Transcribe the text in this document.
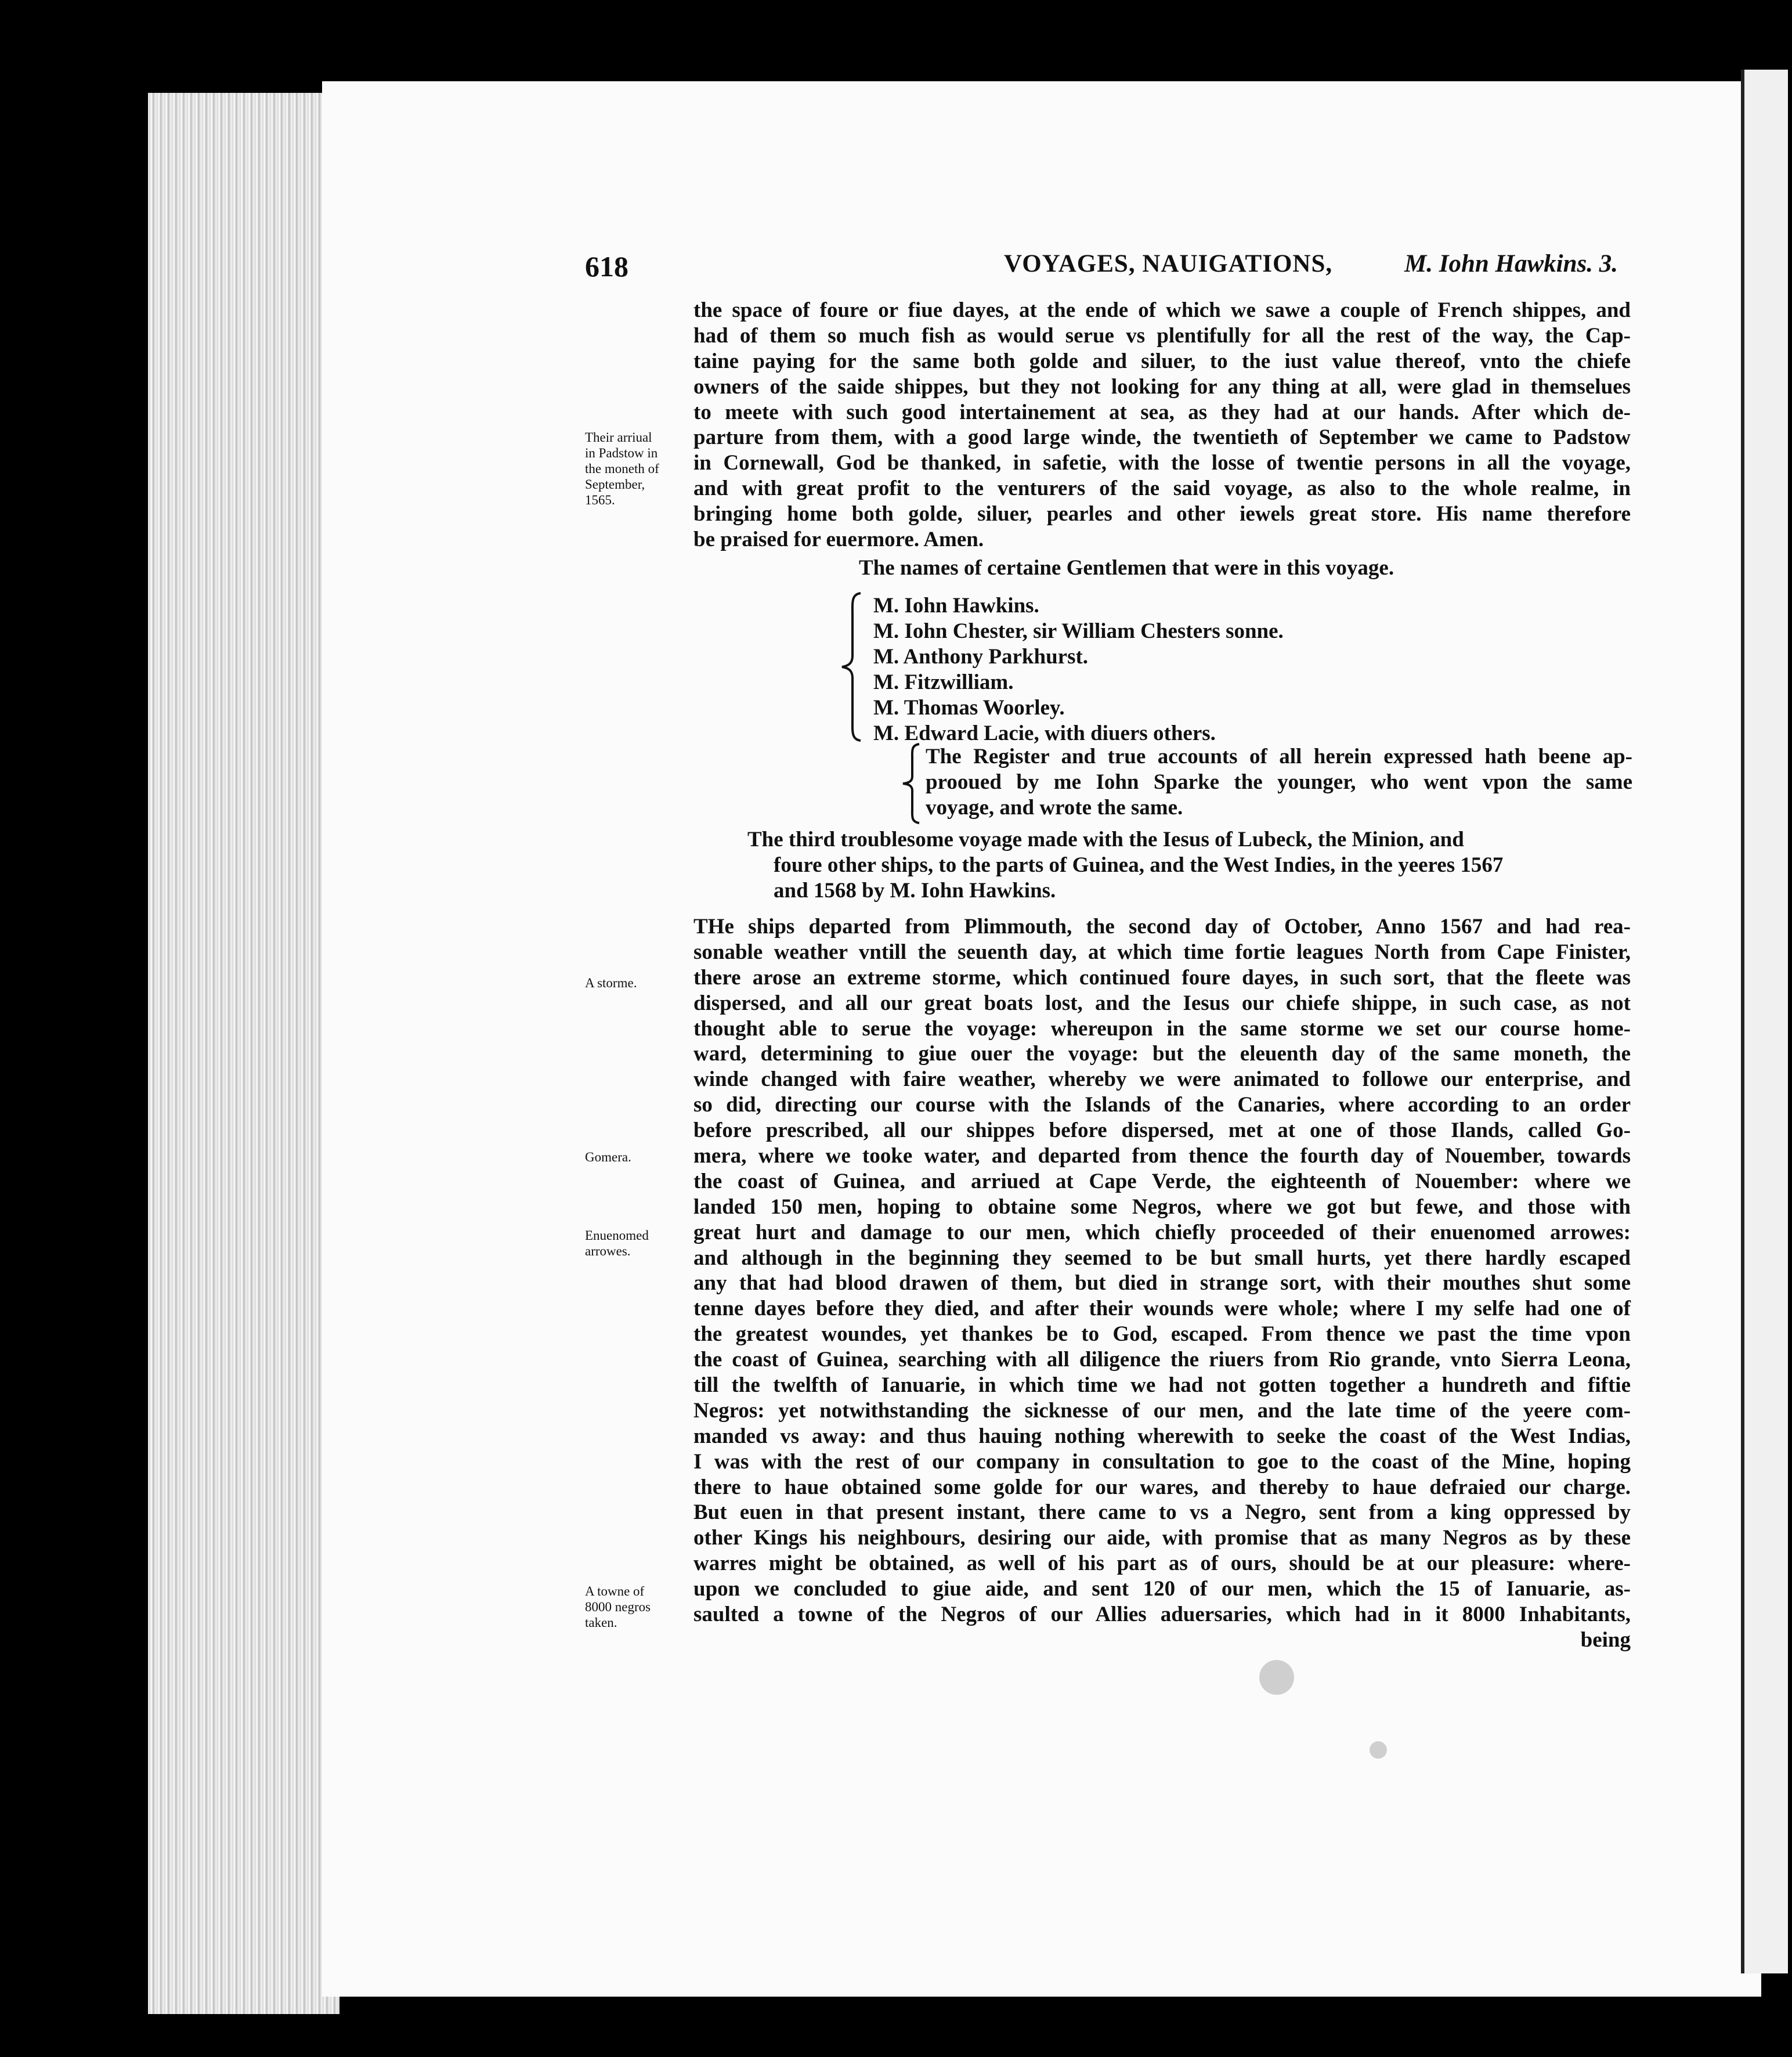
618	VOYAGES, NAUIGATIONS,	M. Iohn Hawkins. 3.
Their arriual
in Padstow in
the moneth of
September,
1565.
A storme.
Gomera.
Enuenomed
arrowes.
A towne of
8000 negros
taken.
the space of foure or fiue dayes, at the ende of which we sawe a couple of French shippes, and
had of them so much fish as would serue vs plentifully for all the rest of the way, the Cap-
taine paying for the same both golde and siluer, to the iust value thereof, vnto the chiefe
owners of the saide shippes, but they not looking for any thing at all, were glad in themselues
to meete with such good intertainement at sea, as they had at our hands. After which de-
parture from them, with a good large winde, the twentieth of September we came to Padstow
in Cornewall, God be thanked, in safetie, with the losse of twentie persons in all the voyage,
and with great profit to the venturers of the said voyage, as also to the whole realme, in
bringing home both golde, siluer, pearles and other iewels great store. His name therefore
be praised for euermore. Amen.
The names of certaine Gentlemen that were in this voyage.
M. Iohn Hawkins.
M. Iohn Chester, sir William Chesters sonne.
M. Anthony Parkhurst.
M. Fitzwilliam.
M. Thomas Woorley.
M. Edward Lacie, with diuers others.
The Register and true accounts of all herein expressed hath beene ap-
prooued by me Iohn Sparke the younger, who went vpon the same
voyage, and wrote the same.
The third troublesome voyage made with the Iesus of Lubeck, the Minion, and
foure other ships, to the parts of Guinea, and the West Indies, in the yeeres 1567
and 1568 by M. Iohn Hawkins.
THe ships departed from Plimmouth, the second day of October, Anno 1567 and had rea-
sonable weather vntill the seuenth day, at which time fortie leagues North from Cape Finister,
there arose an extreme storme, which continued foure dayes, in such sort, that the fleete was
dispersed, and all our great boats lost, and the Iesus our chiefe shippe, in such case, as not
thought able to serue the voyage: whereupon in the same storme we set our course home-
ward, determining to giue ouer the voyage: but the eleuenth day of the same moneth, the
winde changed with faire weather, whereby we were animated to followe our enterprise, and
so did, directing our course with the Islands of the Canaries, where according to an order
before prescribed, all our shippes before dispersed, met at one of those Ilands, called Go-
mera, where we tooke water, and departed from thence the fourth day of Nouember, towards
the coast of Guinea, and arriued at Cape Verde, the eighteenth of Nouember: where we
landed 150 men, hoping to obtaine some Negros, where we got but fewe, and those with
great hurt and damage to our men, which chiefly proceeded of their enuenomed arrowes:
and although in the beginning they seemed to be but small hurts, yet there hardly escaped
any that had blood drawen of them, but died in strange sort, with their mouthes shut some
tenne dayes before they died, and after their wounds were whole; where I my selfe had one of
the greatest woundes, yet thankes be to God, escaped. From thence we past the time vpon
the coast of Guinea, searching with all diligence the riuers from Rio grande, vnto Sierra Leona,
till the twelfth of Ianuarie, in which time we had not gotten together a hundreth and fiftie
Negros: yet notwithstanding the sicknesse of our men, and the late time of the yeere com-
manded vs away: and thus hauing nothing wherewith to seeke the coast of the West Indias,
I was with the rest of our company in consultation to goe to the coast of the Mine, hoping
there to haue obtained some golde for our wares, and thereby to haue defraied our charge.
But euen in that present instant, there came to vs a Negro, sent from a king oppressed by
other Kings his neighbours, desiring our aide, with promise that as many Negros as by these
warres might be obtained, as well of his part as of ours, should be at our pleasure: where-
upon we concluded to giue aide, and sent 120 of our men, which the 15 of Ianuarie, as-
saulted a towne of the Negros of our Allies aduersaries, which had in it 8000 Inhabitants,
being
